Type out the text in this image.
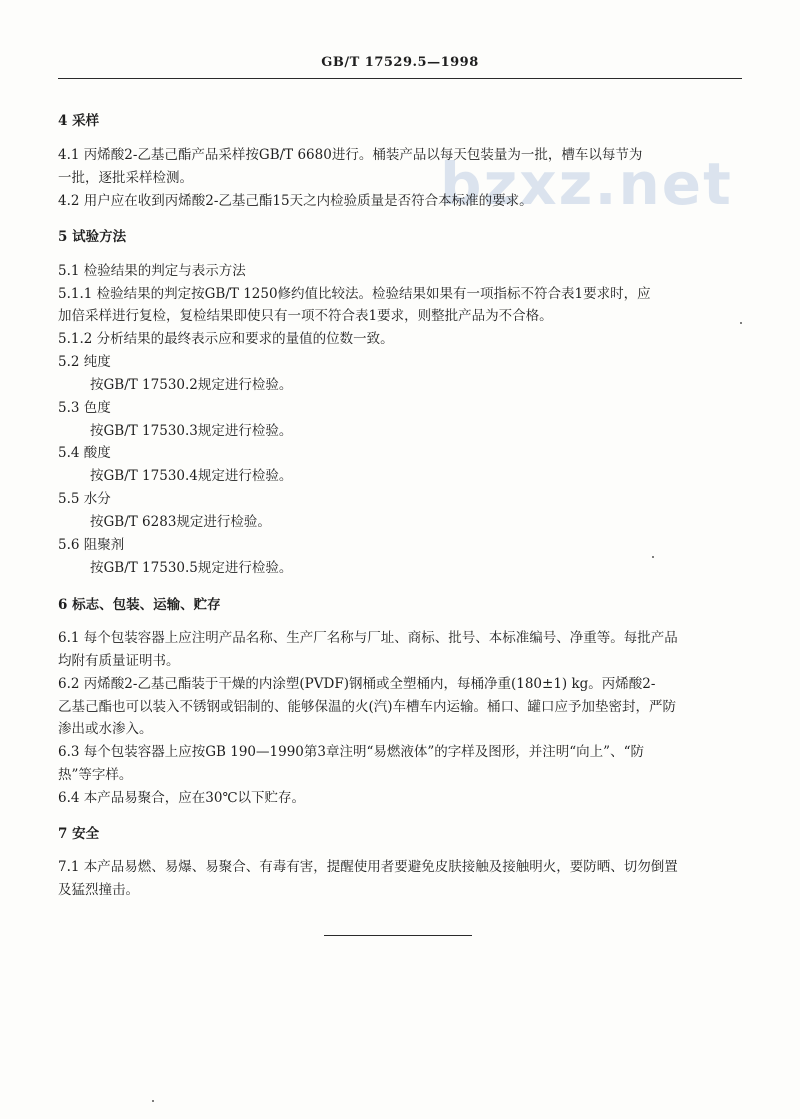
GB/T 17529.5—1998
bzxz.net
4 采样
4.1 丙烯酸2-乙基己酯产品采样按GB/T 6680进行。桶装产品以每天包装量为一批，槽车以每节为
一批，逐批采样检测。
4.2 用户应在收到丙烯酸2-乙基己酯15天之内检验质量是否符合本标准的要求。
5 试验方法
5.1 检验结果的判定与表示方法
5.1.1 检验结果的判定按GB/T 1250修约值比较法。检验结果如果有一项指标不符合表1要求时，应
加倍采样进行复检，复检结果即使只有一项不符合表1要求，则整批产品为不合格。
5.1.2 分析结果的最终表示应和要求的量值的位数一致。
5.2 纯度
按GB/T 17530.2规定进行检验。
5.3 色度
按GB/T 17530.3规定进行检验。
5.4 酸度
按GB/T 17530.4规定进行检验。
5.5 水分
按GB/T 6283规定进行检验。
5.6 阻聚剂
按GB/T 17530.5规定进行检验。
6 标志、包装、运输、贮存
6.1 每个包装容器上应注明产品名称、生产厂名称与厂址、商标、批号、本标准编号、净重等。每批产品
均附有质量证明书。
6.2 丙烯酸2-乙基己酯装于干燥的内涂塑(PVDF)钢桶或全塑桶内，每桶净重(180±1) kg。丙烯酸2-
乙基己酯也可以装入不锈钢或铝制的、能够保温的火(汽)车槽车内运输。桶口、罐口应予加垫密封，严防
渗出或水渗入。
6.3 每个包装容器上应按GB 190—1990第3章注明“易燃液体”的字样及图形，并注明“向上”、“防
热”等字样。
6.4 本产品易聚合，应在30℃以下贮存。
7 安全
7.1 本产品易燃、易爆、易聚合、有毒有害，提醒使用者要避免皮肤接触及接触明火，要防晒、切勿倒置
及猛烈撞击。
